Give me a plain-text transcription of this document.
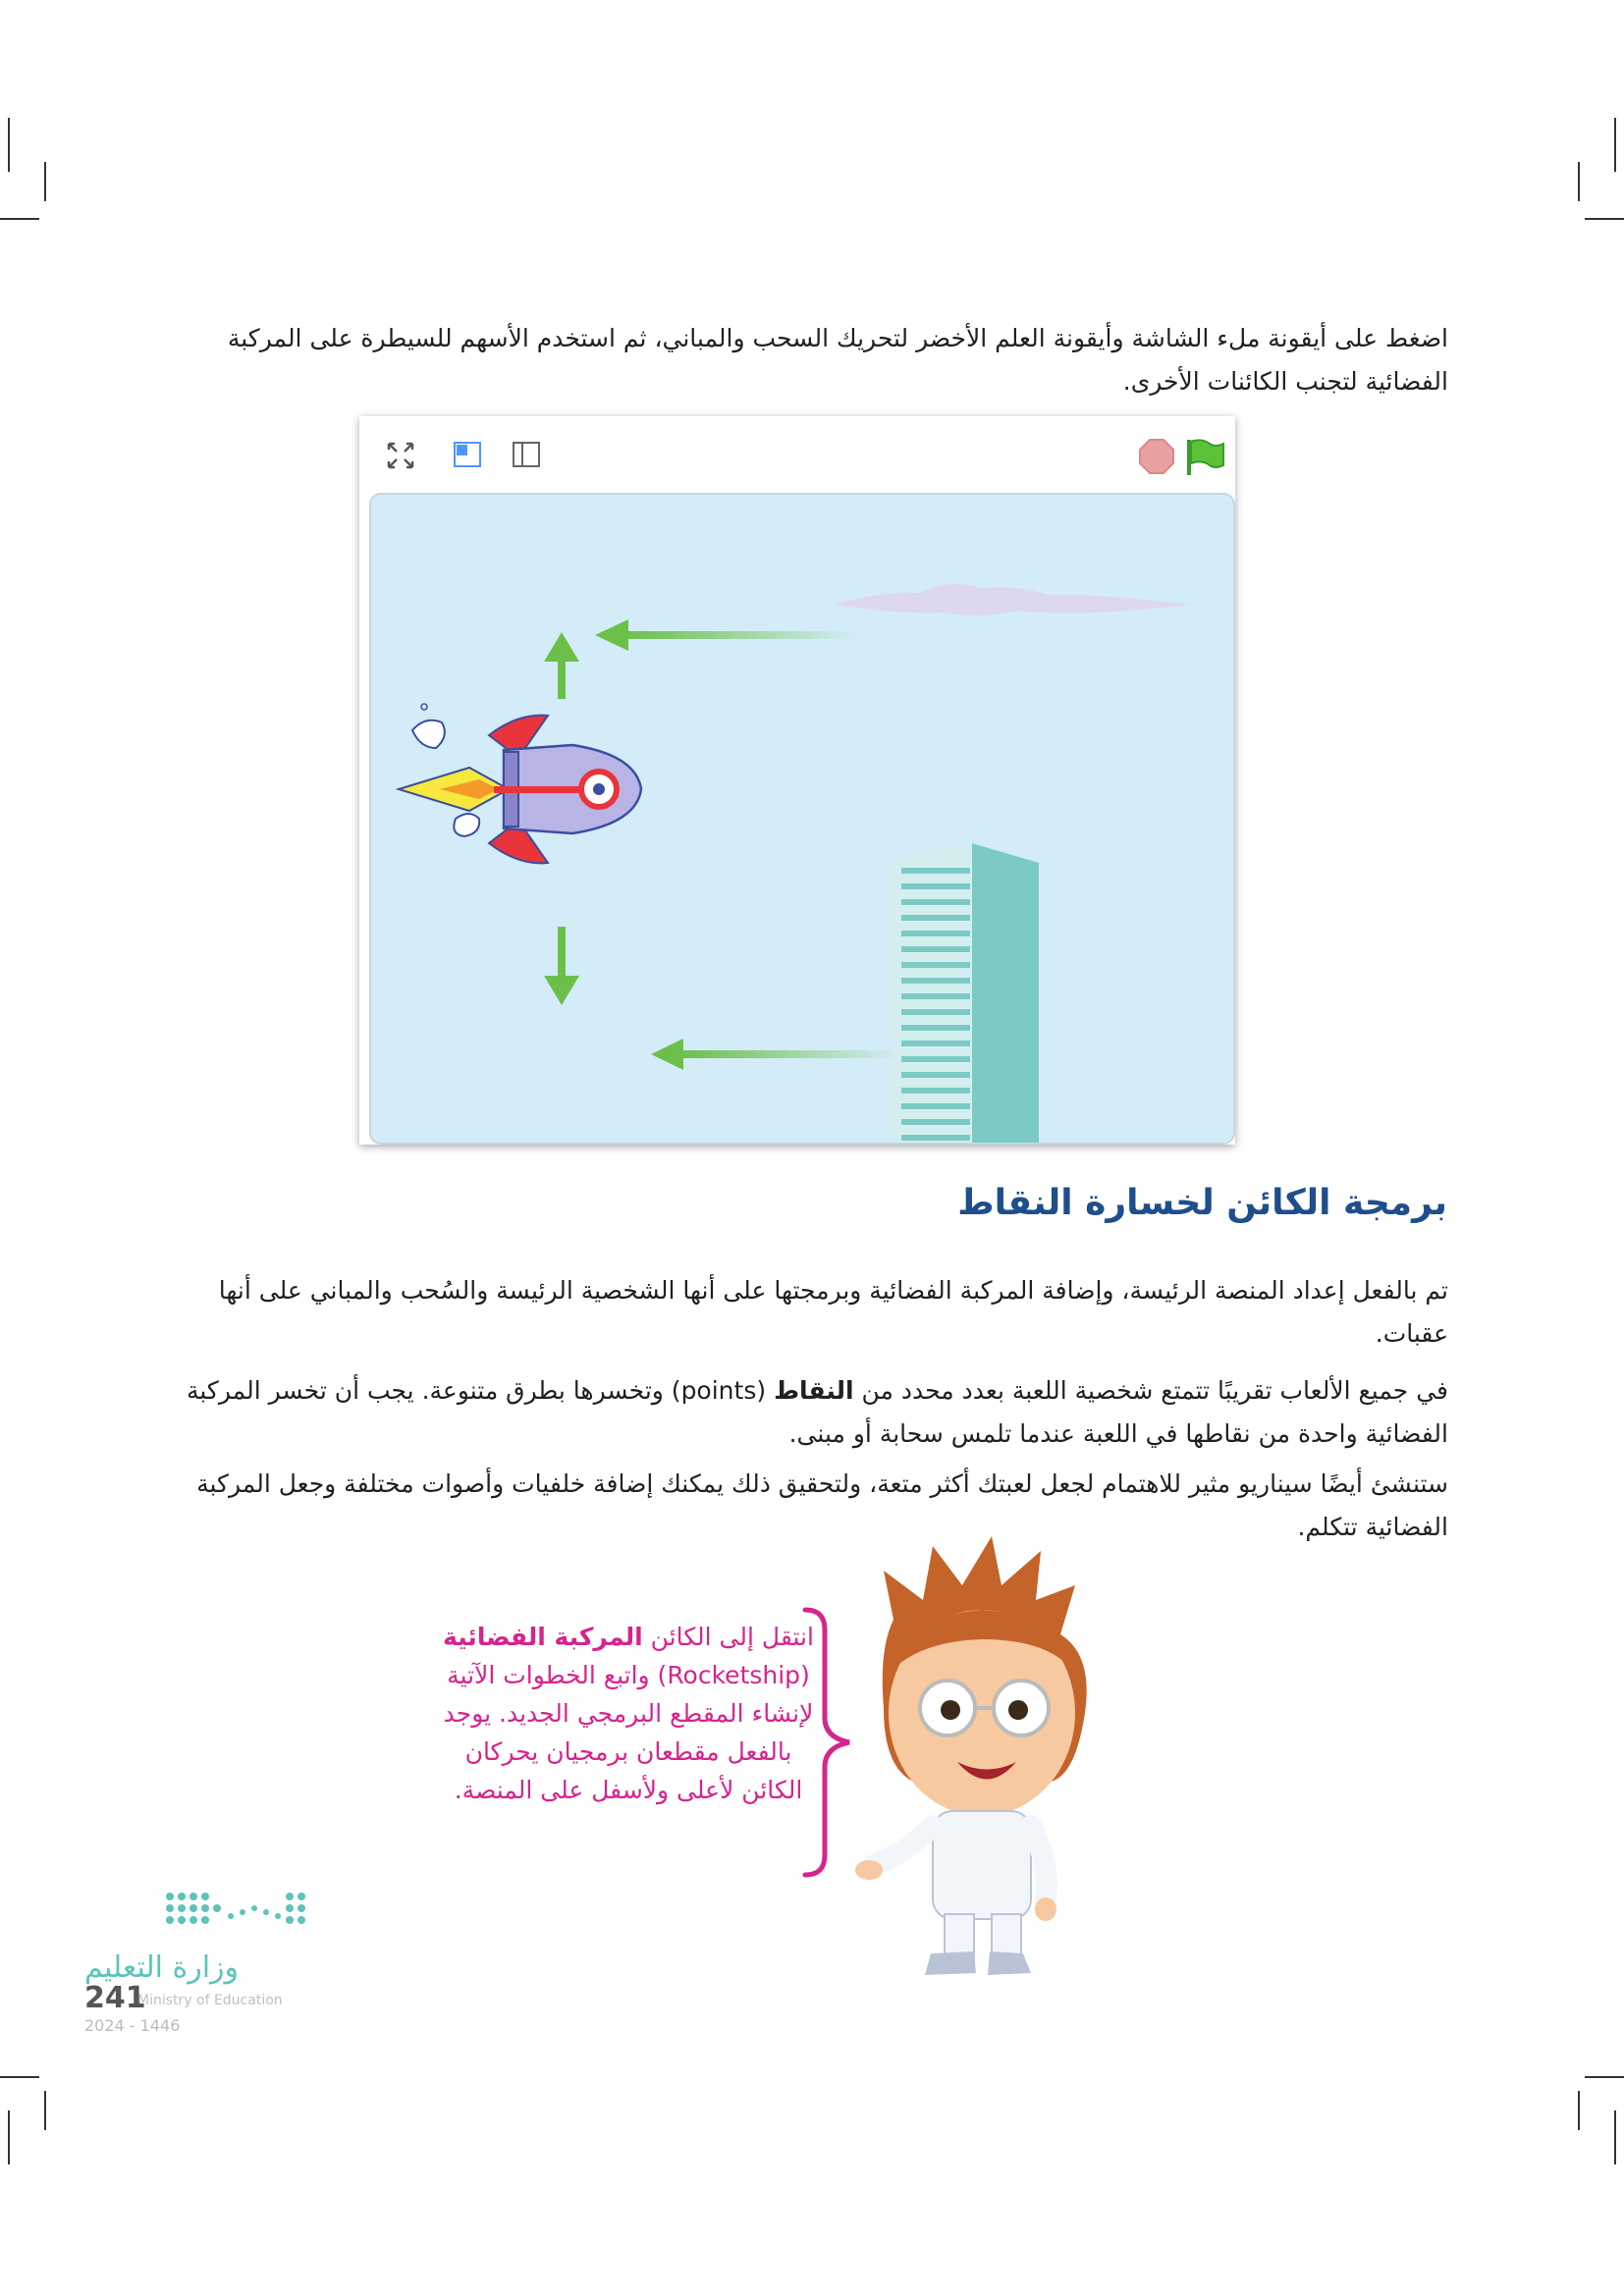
اضغط على أيقونة ملء الشاشة وأيقونة العلم الأخضر لتحريك السحب والمباني، ثم استخدم الأسهم للسيطرة على المركبة الفضائية لتجنب الكائنات الأخرى.

برمجة الكائن لخسارة النقاط

تم بالفعل إعداد المنصة الرئيسة، وإضافة المركبة الفضائية وبرمجتها على أنها الشخصية الرئيسة والسُحب والمباني على أنها عقبات.

في جميع الألعاب تقريبًا تتمتع شخصية اللعبة بعدد محدد من النقاط (points) وتخسرها بطرق متنوعة. يجب أن تخسر المركبة الفضائية واحدة من نقاطها في اللعبة عندما تلمس سحابة أو مبنى.

ستنشئ أيضًا سيناريو مثير للاهتمام لجعل لعبتك أكثر متعة، ولتحقيق ذلك يمكنك إضافة خلفيات وأصوات مختلفة وجعل المركبة الفضائية تتكلم.

انتقل إلى الكائن المركبة الفضائية (Rocketship) واتبع الخطوات الآتية لإنشاء المقطع البرمجي الجديد. يوجد بالفعل مقطعان برمجيان يحركان الكائن لأعلى ولأسفل على المنصة.
وزارة التعليم
Ministry of Education
241
2024 - 1446
